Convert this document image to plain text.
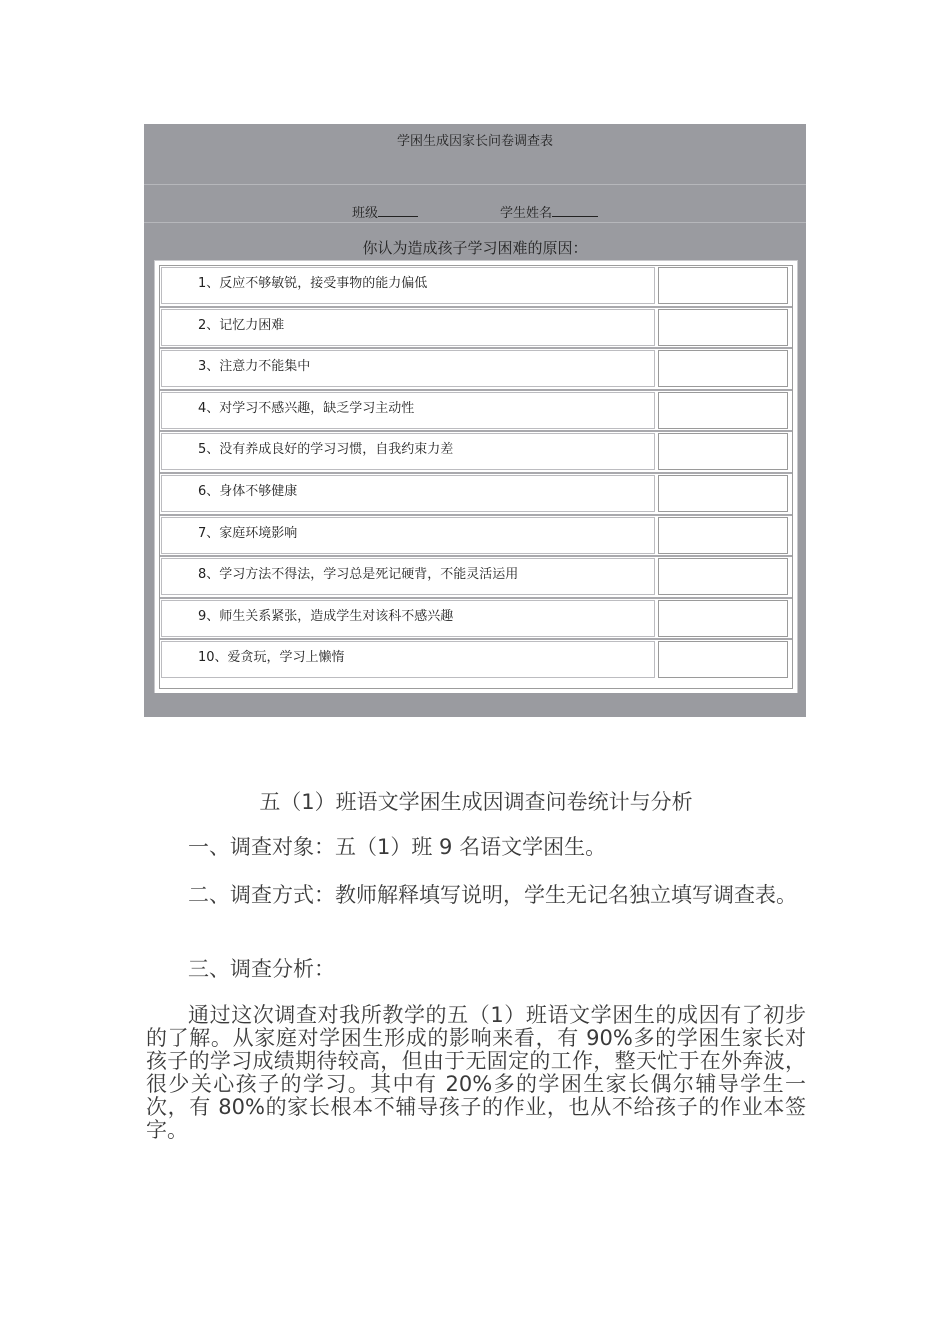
学困生成因家长问卷调查表
班级	学生姓名
你认为造成孩子学习困难的原因：
1、反应不够敏锐，接受事物的能力偏低
2、记忆力困难
3、注意力不能集中
4、对学习不感兴趣，缺乏学习主动性
5、没有养成良好的学习习惯，自我约束力差
6、身体不够健康
7、家庭环境影响
8、学习方法不得法，学习总是死记硬背，不能灵活运用
9、师生关系紧张，造成学生对该科不感兴趣
10、爱贪玩，学习上懒惰
五（1）班语文学困生成因调查问卷统计与分析
一、调查对象：五（1）班 9 名语文学困生。
二、调查方式：教师解释填写说明，学生无记名独立填写调查表。
三、调查分析：
通过这次调查对我所教学的五（1）班语文学困生的成因有了初步的了解。从家庭对学困生形成的影响来看，有 90%多的学困生家长对孩子的学习成绩期待较高，但由于无固定的工作，整天忙于在外奔波，很少关心孩子的学习。其中有 20%多的学困生家长偶尔辅导学生一次，有 80%的家长根本不辅导孩子的作业，也从不给孩子的作业本签字。
